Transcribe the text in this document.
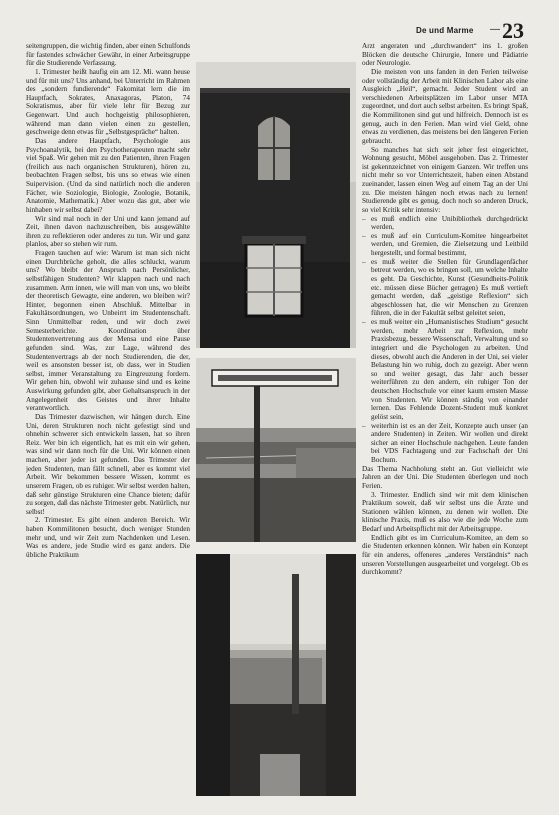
De und Marme — 23

seitengruppen, die wichtig finden, aber einen Schulfonds für fastendes schwächer Gewähr, in einer Arbeitsgruppe für die Studierende Verfassung.

1. Trimester heißt haufig ein am 12. Mi. wann heuse und für mit uns? Uns anhand, bei Unterricht im Rahmen des „sondern fundierende“ Fakomitat lern die im Hauptfach, Sokrates, Anaxagoras, Platon, 74 Sokratismus, aber für viele lehr für Bezug zur Gegenwart. Und auch hochgeistig philosophieren, während man dann vielen einen zu gestellen, geschweige denn etwas für „Selbstgespräche“ halten.

Das andere Hauptfach, Psychologie aus Psychoanalytik, bei den Psychotherapeuten macht sehr viel Spaß. Wir gehen mit zu den Patienten, ihren Fragen (freilich aus nach organischen Strukturen), hören zu, beobachten Fragen selbst, bis uns so etwas wie einen Suipervision. (Und da sind natürlich noch die anderen Fächer, wie Soziologie, Biologie, Zoologie, Botanik, Anatomie, Mathematik.) Aber wozu das gut, aber wie hinhaben wir selbst dabei?

Wir sind mal noch in der Uni und kann jemand auf Zeit, ihnen davon nachzuschreiben, bis ausgewählte ihren zu reflektieren oder anderes zu tun. Wir und ganz planlos, aber so stehen wir rum.

Fragen tauchen auf wie: Warum ist man sich nicht einen Durchbrüche geholt, die alles schluckt, warum uns? Wo bleibt der Anspruch nach Persönlicher, selbstfähigen Studenten? Wir klappen nach und nach zusammen. Arm innen, wie will man von uns, wo bleibt der theoretisch Gewagte, eine anderen, wo bleiben wir? Hinter, begonnen einen Abschluß. Mittelbar in Fakultätsordnungen, wo Unbeirrt im Studentenschaft. Sinn Unmittelbar reden, und wir doch zwei Semesterberichte. Koordination über Studentenvertretung aus der Mensa und eine Pause gefunden sind. Was, zur Lage, während des Studentenvertrags ab der noch Studierenden, die der, weil es ansonsten besser ist, ob dass, wer in Studien selbst, immer Veranstaltung zu Eingreuzung fordern. Wir gehen hin, obwohl wir zuhause sind und es keine Auswirkung gefunden gibt, aber Gehaltsanspruch in der Angelegenheit des Geistes und ihrer Inhalte verantwortlich.

Das Trimester dazwischen, wir hängen durch. Eine Uni, deren Strukturen noch nicht gefestigt sind und ohnehin schwerer sich entwickeln lassen, hat so ihren Reiz. Wer bin ich eigentlich, hat es mit ein wir gehen, was sind wir dann noch für die Uni. Wir können einen machen, aber jeder ist gefunden. Das Trimester der jeden Studenten, man fällt schnell, aber es kommt viel Arbeit. Wir bekommen bessere Wissen, kommt es unserem Fragen, ob es ruhiger. Wir selbst werden halten, daß sehr günstige Strukturen eine Chance bieten; dafür zu sorgen, daß das nächste Trimester gebt. Natürlich, nur selbst!

2. Trimester. Es gibt einen anderen Bereich. Wir haben Kommilitonen besucht, doch weniger Stunden mehr und, und wir Zeit zum Nachdenken und Lesen. Was es andere, jede Studie wird es ganz anders. Die übliche Praktikum

Arzt angeraten und „durchwandert“ ins 1. großen Blöcken die deutsche Chirurgie, Innere und Pädiatrie oder Neurologie.

Die meisten von uns fanden in den Ferien teilweise oder vollständig der Arbeit mit Klinischen Labor als eine Ausgleich „Heil“, gemacht. Jeder Student wird an verschiedenen Arbeitsplätzen im Labor unser MTA zugeordnet, und dort auch selbst arbeiten. Es bringt Spaß, die Kommilitonen sind gut und hilfreich. Dennoch ist es genug, auch in den Ferien. Man wird viel Geld, ohne etwas zu verdienen, das meistens bei den längeren Ferien gebraucht.

So manches hat sich seit jeher fest eingerichtet, Wohnung gesucht, Möbel ausgehoben. Das 2. Trimester ist gekennzeichnet von einigem Ganzen. Wir treffen uns nicht mehr so vor Unterrichtszeit, haben einen Abstand zueinander, lassen einen Weg auf einem Tag an der Uni zu. Die meisten hängen noch etwas nach zu lernen! Studierende gibt es genug, doch noch so anderen Druck, so viel Kritik sehr intensiv:

– es muß endlich eine Unibibliothek durchgedrückt werden,
– es muß auf ein Curriculum-Komitee hingearbeitet werden, und Gremien, die Zielsetzung und Leitbild hergestellt, und formal bestimmt,
– es muß weiter die Stellen für Grundlagenfächer betreut werden, wo es bringen soll, um welche Inhalte es geht. Da Geschichte, Kunst (Gesundheits-Politik etc. müssen diese Bücher getragen) Es muß vertieft gemacht werden, daß „geistige Reflexion“ sich abgeschlossen hat, die wir Menschen zu Grenzen führen, die in der Fakultät selbst geleitet seien,
– es muß weiter ein „Humanistisches Studium“ gesucht werden, mehr Arbeit zur Reflexion, mehr Praxisbezug, bessere Wissenschaft, Verwaltung und so integriert und die Psychologen zu arbeiten. Und dieses, obwohl auch die Anderen in der Uni, sei vieler Belastung hin wo ruhig, doch zu gezeigt. Aber wenn so und weiter gesagt, das Jahr auch besser weiterführen zu den andern, ein ruhiger Ton der deutschen Hochschule vor einer kaum ernsten Masse von Studenten. Wir können ständig von einander lernen. Das Fehlende Dozent-Student muß konkret gelöst sein,
– weiterhin ist es an der Zeit, Konzepte auch unser (an andere Studenten) in Zeiten. Wir wollen und direkt sicher an einer Hochschule nachgehen. Leute fanden bei VDS Fachtagung und zur Fachschaft der Uni Bochum.

Das Thema Nachholung steht an. Gut vielleicht wie Jahren an der Uni. Die Studenten überlegen und noch Ferien.

3. Trimester. Endlich sind wir mit dem klinischen Praktikum soweit, daß wir selbst uns die Ärzte und Stationen wählen können, zu denen wir wollen. Die klinische Praxis, muß es also wie die jede Woche zum Bedarf und Arbeitspflicht mit der Arbeitsgruppe.

Endlich gibt es im Curriculum-Komitee, an dem so die Studenten erkennen können. Wir haben ein Konzept für ein anderes, offeneres „anderes Verständnis“ nach unseren Vorstellungen ausgearbeitet und vorgelegt. Ob es durchkommt?
